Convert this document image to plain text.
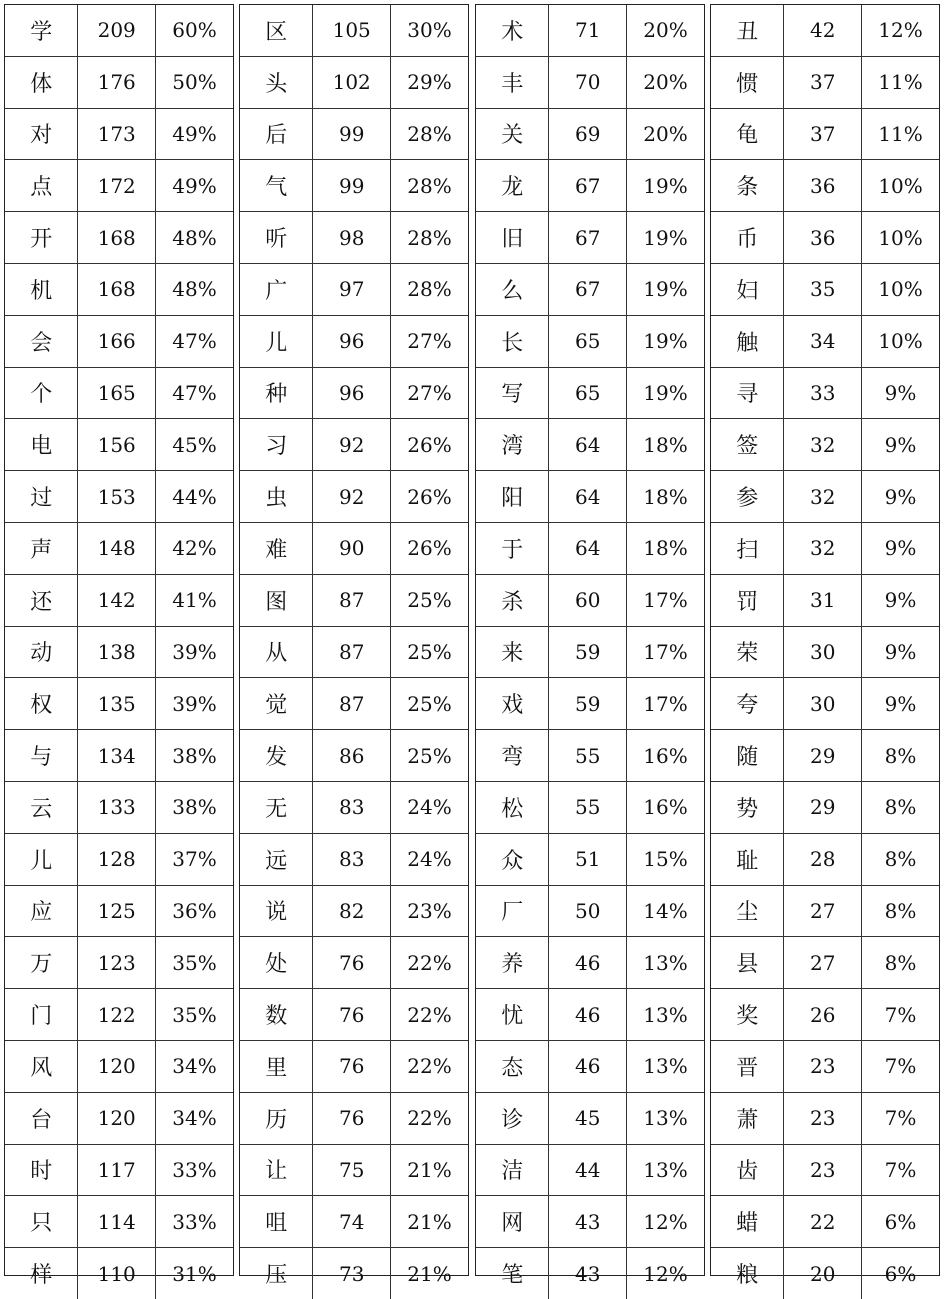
学	209	60%
体	176	50%
对	173	49%
点	172	49%
开	168	48%
机	168	48%
会	166	47%
个	165	47%
电	156	45%
过	153	44%
声	148	42%
还	142	41%
动	138	39%
权	135	39%
与	134	38%
云	133	38%
儿	128	37%
应	125	36%
万	123	35%
门	122	35%
风	120	34%
台	120	34%
时	117	33%
只	114	33%
样	110	31%
区	105	30%
头	102	29%
后	99	28%
气	99	28%
听	98	28%
广	97	28%
儿	96	27%
种	96	27%
习	92	26%
虫	92	26%
难	90	26%
图	87	25%
从	87	25%
觉	87	25%
发	86	25%
无	83	24%
远	83	24%
说	82	23%
处	76	22%
数	76	22%
里	76	22%
历	76	22%
让	75	21%
咀	74	21%
压	73	21%
术	71	20%
丰	70	20%
关	69	20%
龙	67	19%
旧	67	19%
么	67	19%
长	65	19%
写	65	19%
湾	64	18%
阳	64	18%
于	64	18%
杀	60	17%
来	59	17%
戏	59	17%
弯	55	16%
松	55	16%
众	51	15%
厂	50	14%
养	46	13%
忧	46	13%
态	46	13%
诊	45	13%
洁	44	13%
网	43	12%
笔	43	12%
丑	42	12%
惯	37	11%
龟	37	11%
条	36	10%
币	36	10%
妇	35	10%
触	34	10%
寻	33	9%
签	32	9%
参	32	9%
扫	32	9%
罚	31	9%
荣	30	9%
夸	30	9%
随	29	8%
势	29	8%
耻	28	8%
尘	27	8%
县	27	8%
奖	26	7%
晋	23	7%
萧	23	7%
齿	23	7%
蜡	22	6%
粮	20	6%
